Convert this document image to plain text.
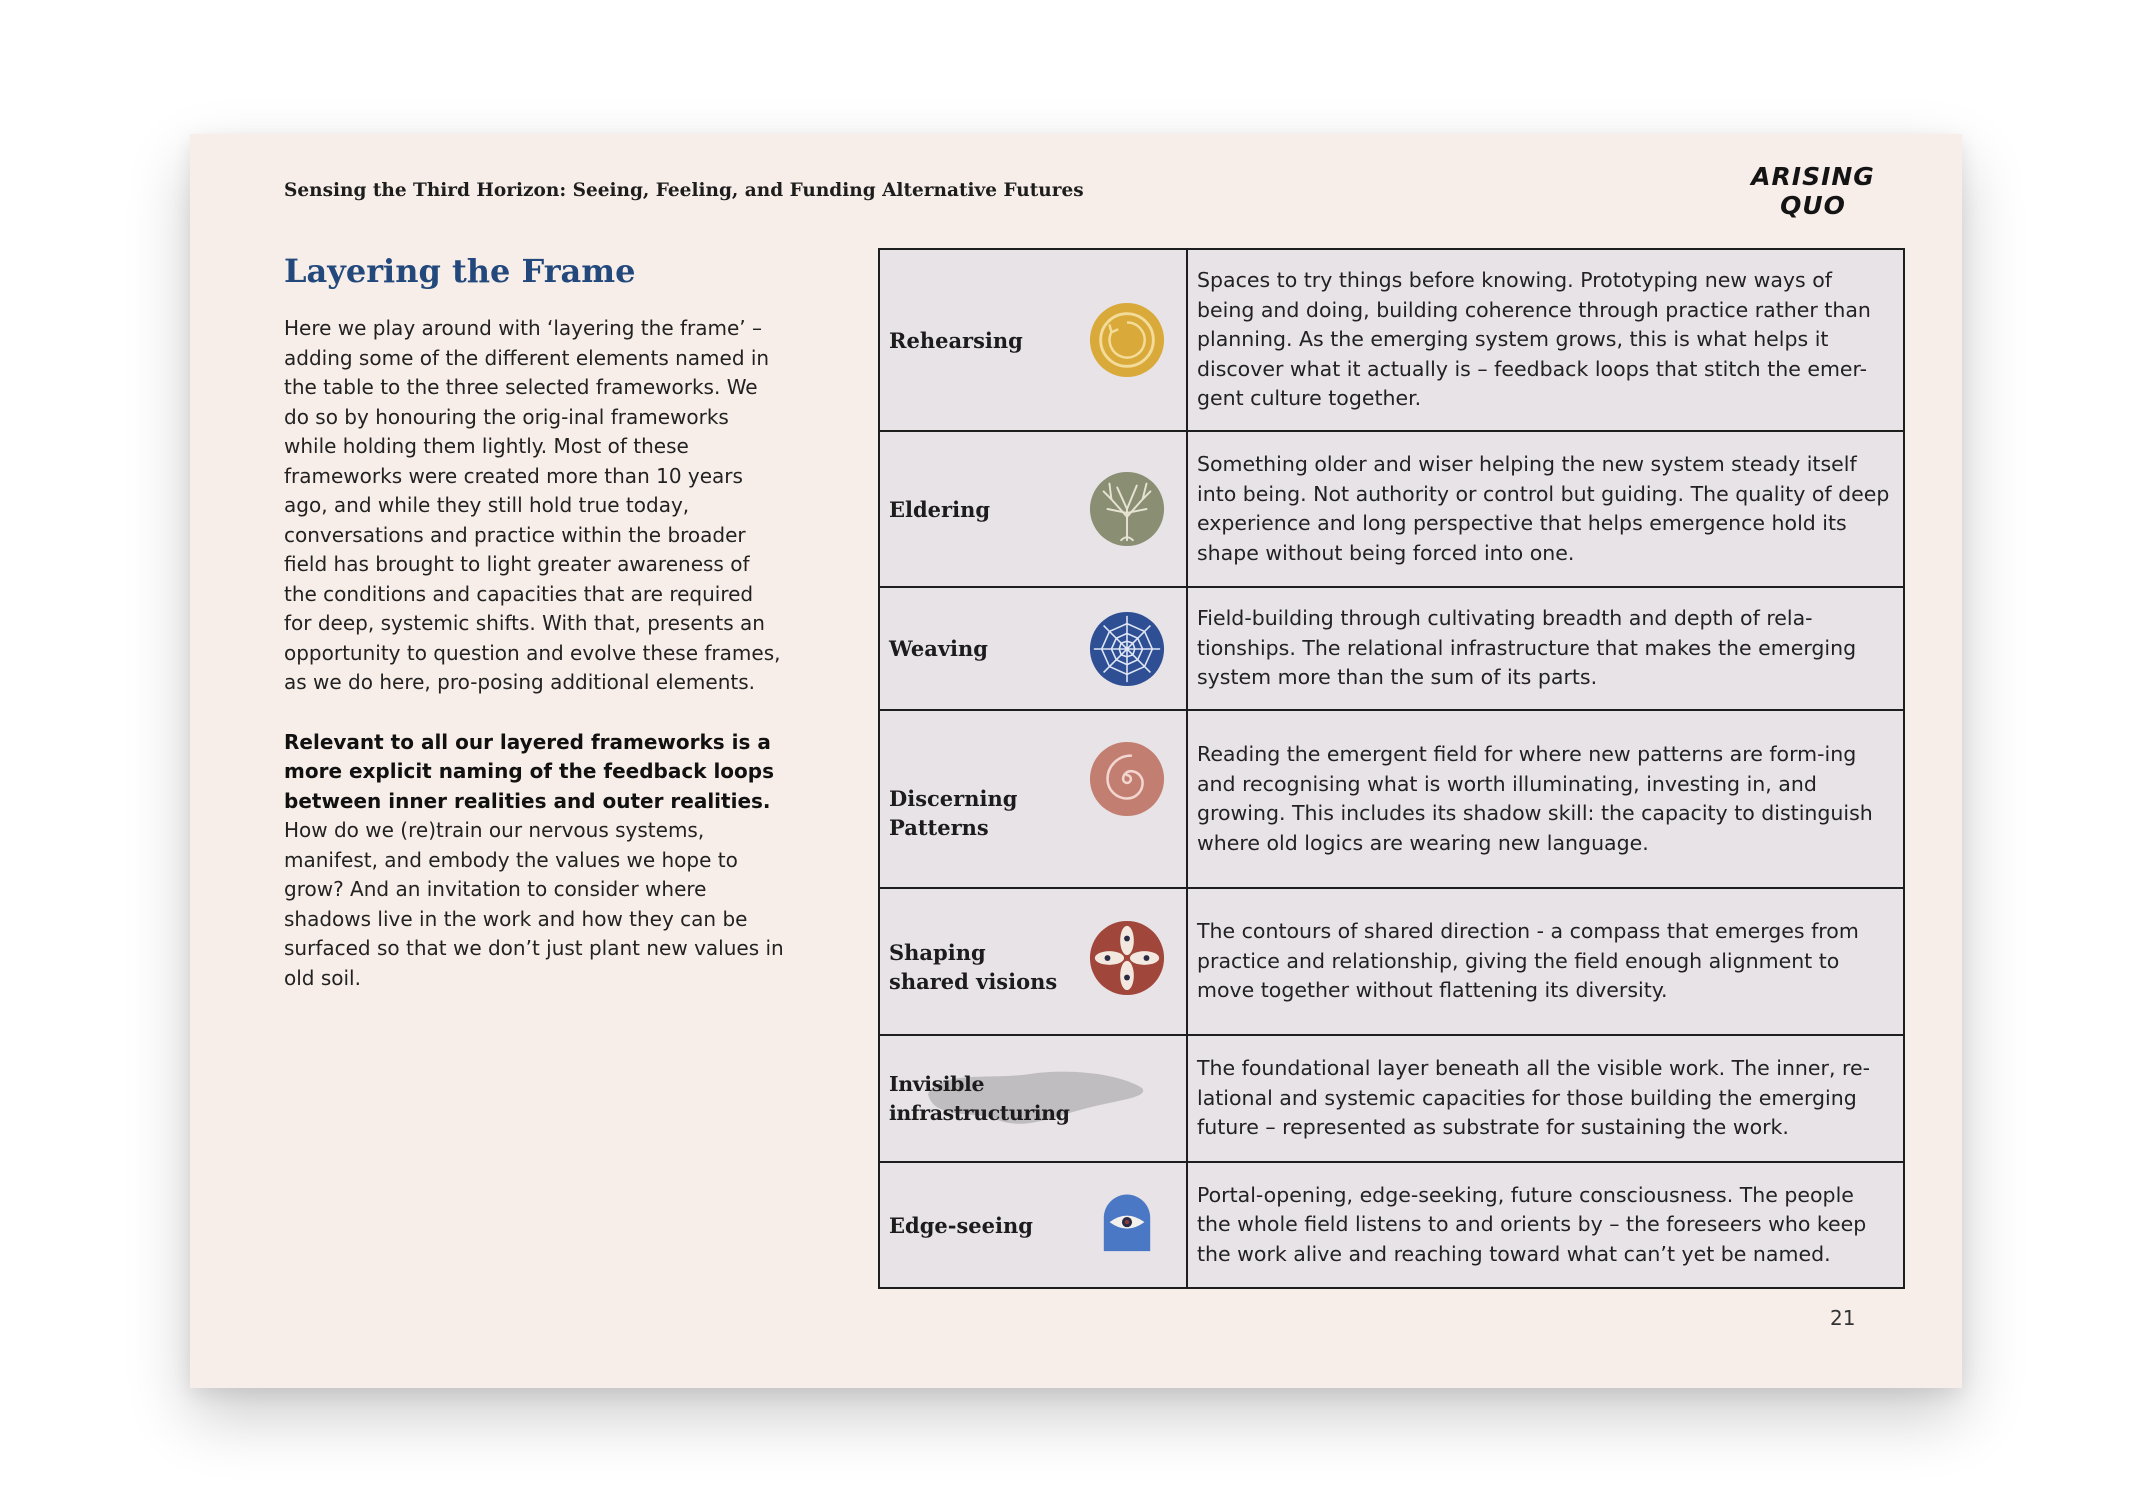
Sensing the Third Horizon: Seeing, Feeling, and Funding Alternative Futures	ARISING
QUO
Layering the Frame

Here we play around with ‘layering the frame’ – adding some of the different elements named in the table to the three selected frameworks. We do so by honouring the orig-inal frameworks while holding them lightly. Most of these frameworks were created more than 10 years ago, and while they still hold true today, conversations and practice within the broader field has brought to light greater awareness of the conditions and capacities that are required for deep, systemic shifts. With that, presents an opportunity to question and evolve these frames, as we do here, pro-posing additional elements.

Relevant to all our layered frameworks is a more explicit naming of the feedback loops between inner realities and outer realities. How do we (re)train our nervous systems, manifest, and embody the values we hope to grow? And an invitation to consider where shadows live in the work and how they can be surfaced so that we don’t just plant new values in old soil.

Rehearsing	Spaces to try things before knowing. Prototyping new ways of being and doing, building coherence through practice rather than planning. As the emerging system grows, this is what helps it discover what it actually is – feedback loops that stitch the emer-gent culture together.

Eldering	Something older and wiser helping the new system steady itself into being. Not authority or control but guiding. The quality of deep experience and long perspective that helps emergence hold its shape without being forced into one.

Weaving	Field-building through cultivating breadth and depth of rela-tionships. The relational infrastructure that makes the emerging system more than the sum of its parts.

Discerning
Patterns	Reading the emergent field for where new patterns are form-ing and recognising what is worth illuminating, investing in, and growing. This includes its shadow skill: the capacity to distinguish where old logics are wearing new language.

Shaping
shared visions	The contours of shared direction - a compass that emerges from practice and relationship, giving the field enough alignment to move together without flattening its diversity.

Invisible infrastructuring	The foundational layer beneath all the visible work. The inner, re-lational and systemic capacities for those building the emerging future – represented as substrate for sustaining the work.

Edge-seeing	Portal-opening, edge-seeking, future consciousness. The people the whole field listens to and orients by – the foreseers who keep the work alive and reaching toward what can’t yet be named.
21
